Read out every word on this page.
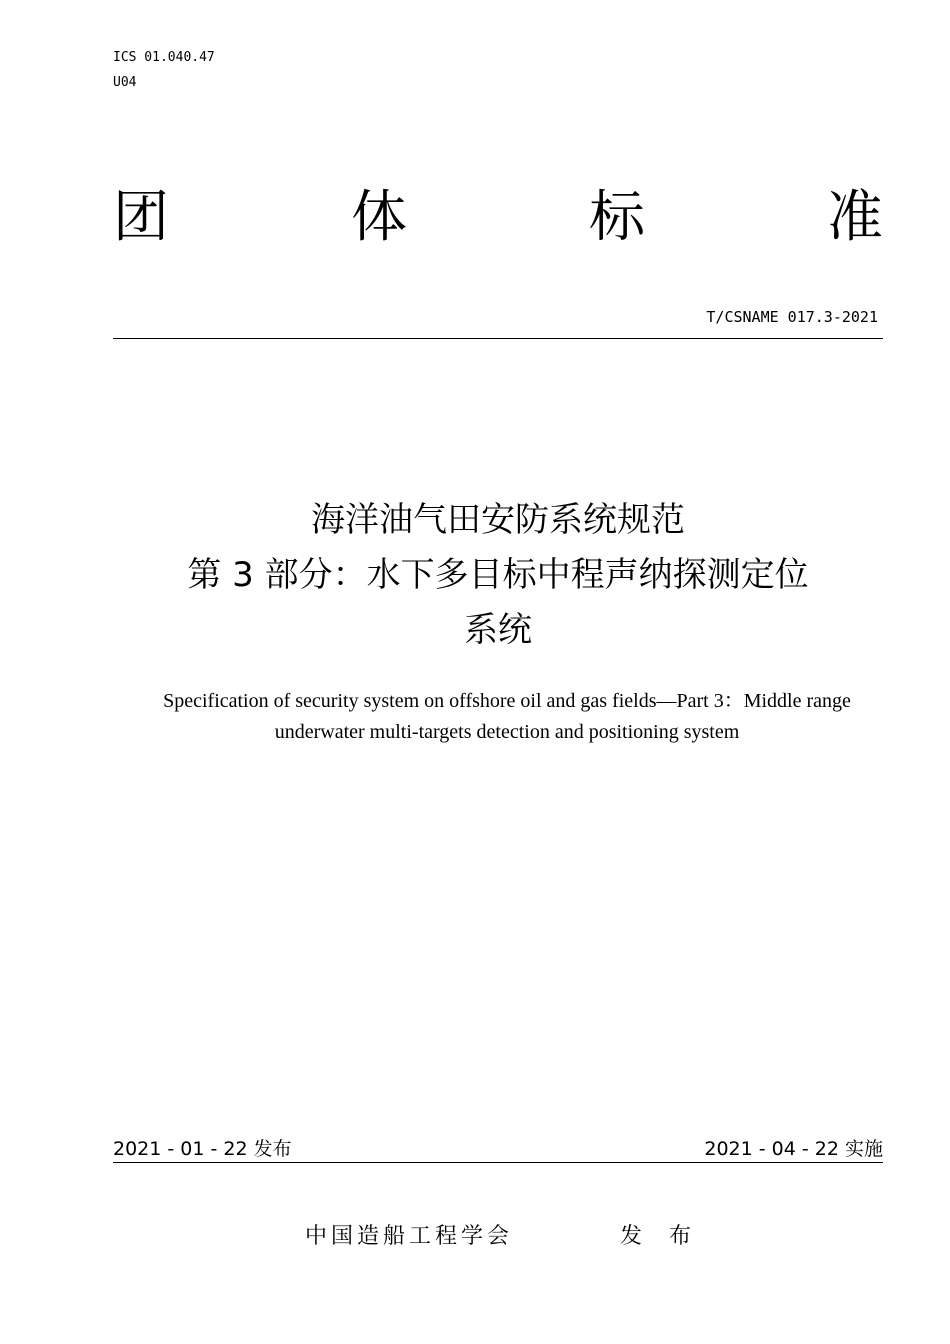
ICS 01.040.47
U04
团	体	标	准
T/CSNAME 017.3-2021
海洋油气田安防系统规范
第 3 部分：水下多目标中程声纳探测定位
系统
Specification of security system on offshore oil and gas fields—Part 3：Middle range
underwater multi-targets detection and positioning system
2021 - 01 - 22 发布	2021 - 04 - 22 实施
中国造船工程学会	发 布
